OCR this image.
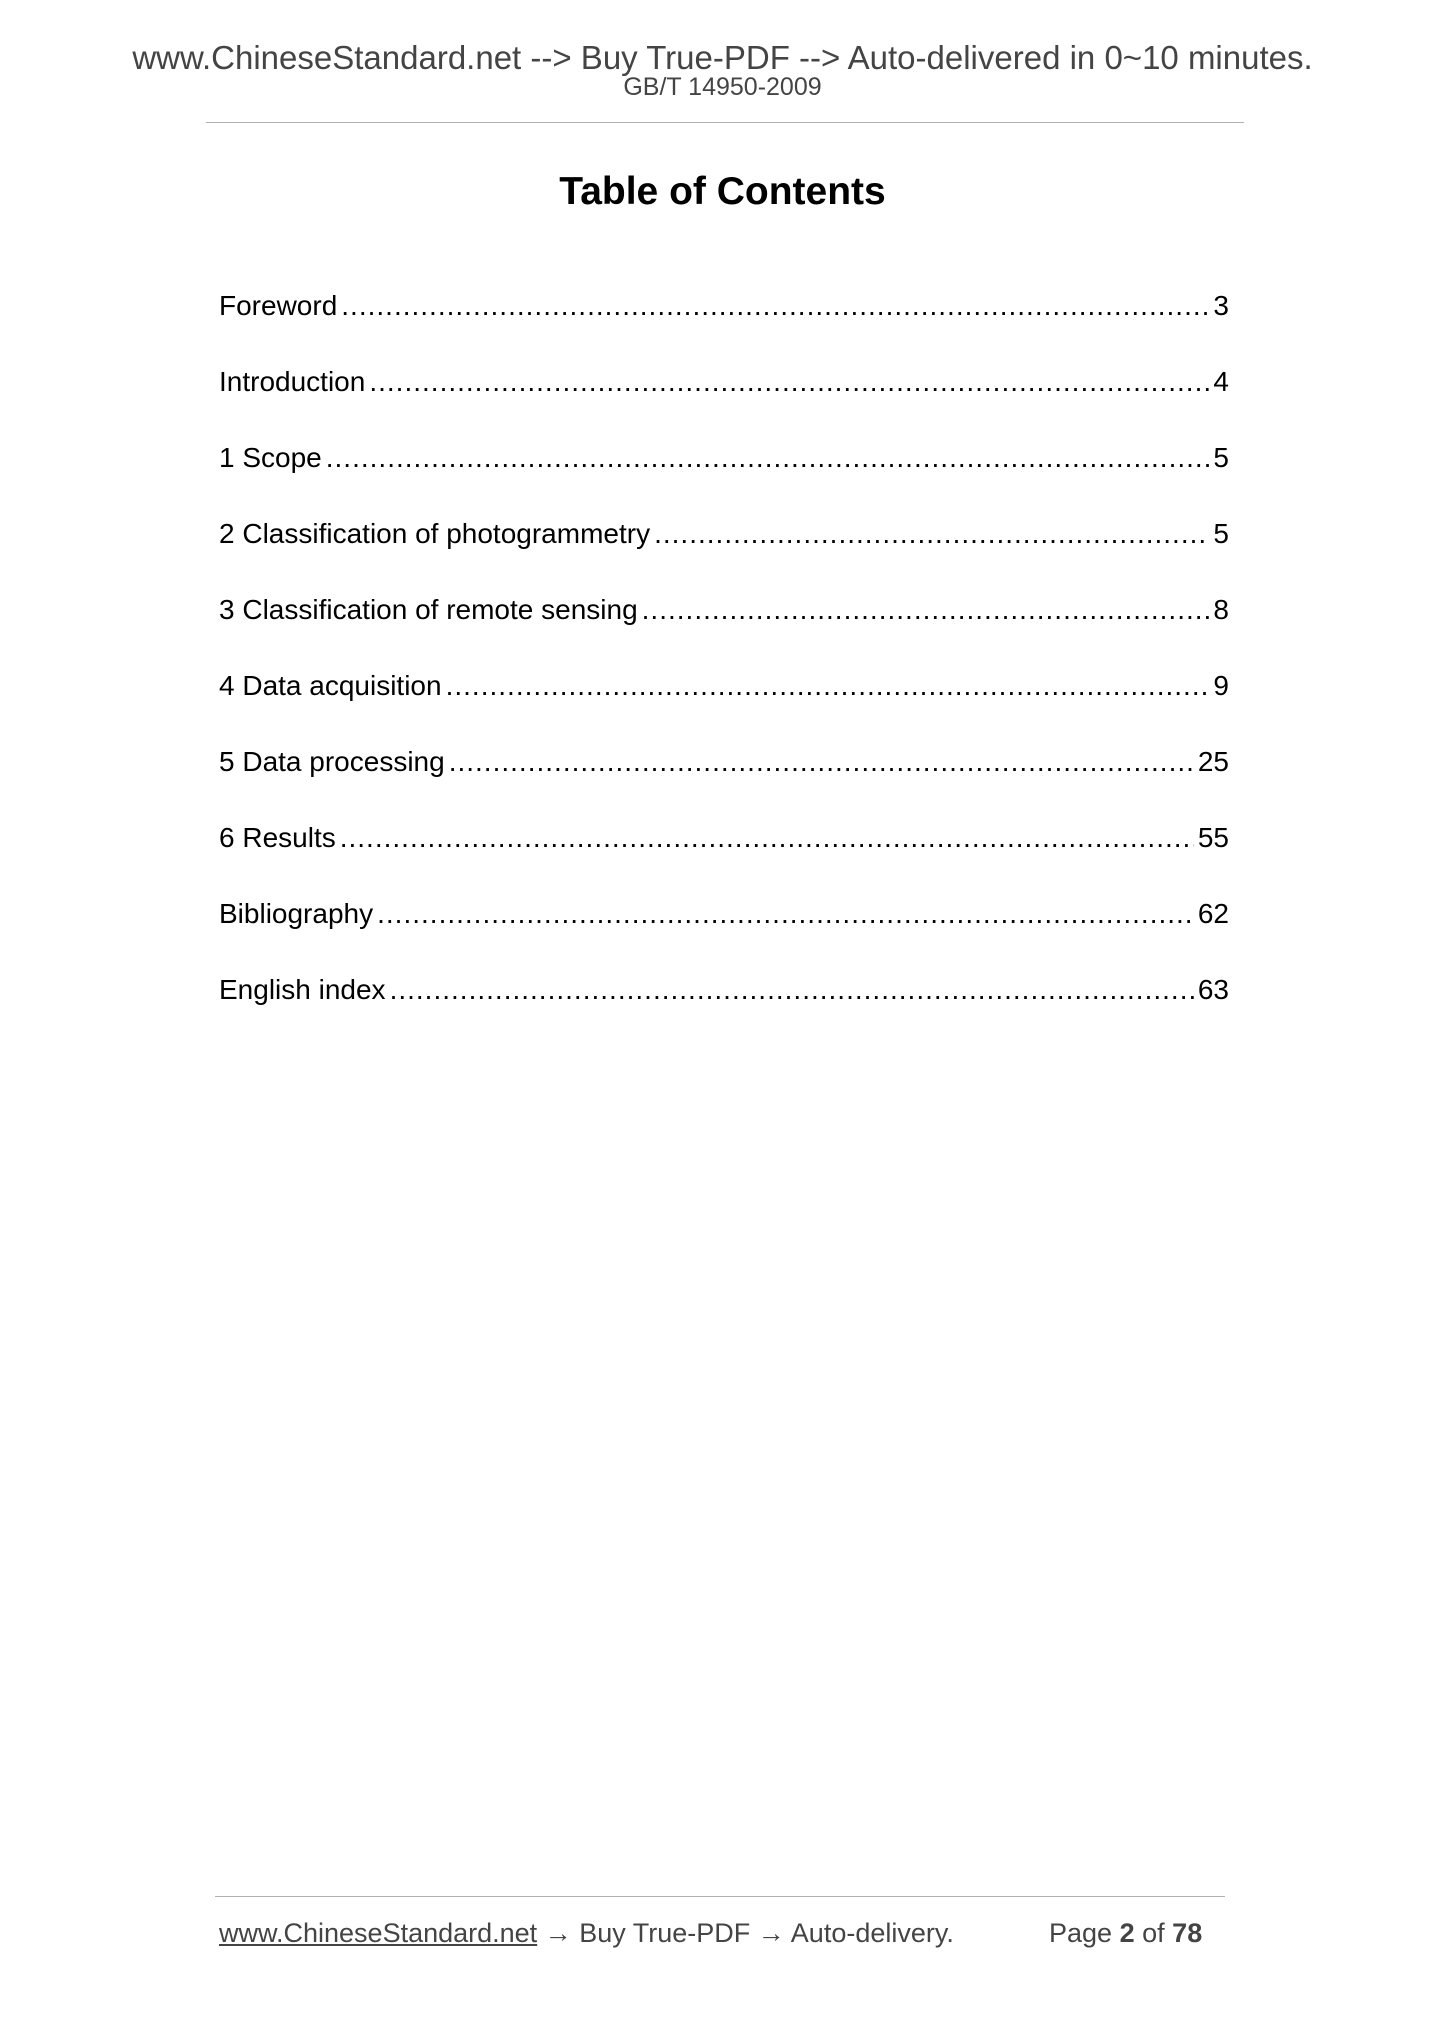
www.ChineseStandard.net --> Buy True-PDF --> Auto-delivered in 0~10 minutes.
GB/T 14950-2009
Table of Contents
Foreword .....	3
Introduction .....	4
1 Scope .....	5
2 Classification of photogrammetry .....	5
3 Classification of remote sensing .....	8
4 Data acquisition .....	9
5 Data processing .....	25
6 Results .....	55
Bibliography .....	62
English index .....	63
www.ChineseStandard.net → Buy True-PDF → Auto-delivery.	Page 2 of 78
